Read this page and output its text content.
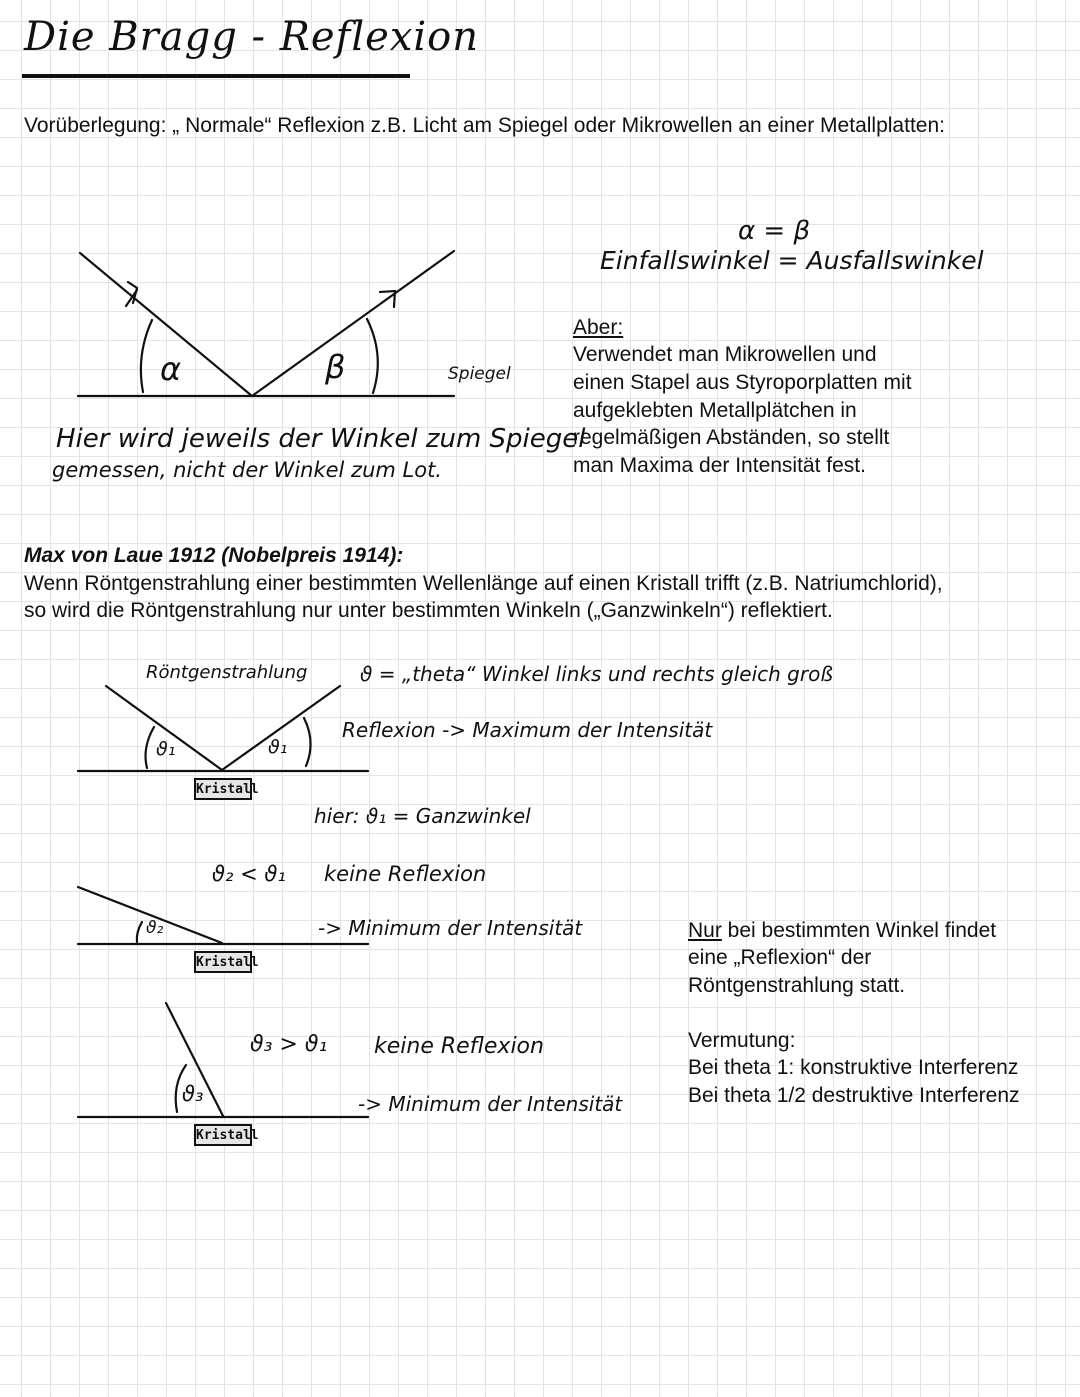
Die Bragg - Reflexion
Vorüberlegung: „ Normale“ Reflexion z.B. Licht am Spiegel oder Mikrowellen an einer Metallplatten:
α	β	Spiegel
α = β
Einfallswinkel = Ausfallswinkel
Hier wird jeweils der Winkel zum Spiegel
gemessen, nicht der Winkel zum Lot.
Aber:
Verwendet man Mikrowellen und
einen Stapel aus Styroporplatten mit
aufgeklebten Metallplätchen in
regelmäßigen Abständen, so stellt
man Maxima der Intensität fest.
Max von Laue 1912 (Nobelpreis 1914):
Wenn Röntgenstrahlung einer bestimmten Wellenlänge auf einen Kristall trifft (z.B. Natriumchlorid),
so wird die Röntgenstrahlung nur unter bestimmten Winkeln („Ganzwinkeln“) reflektiert.
Röntgenstrahlung
ϑ₁	ϑ₁
Kristall
ϑ = „theta“ Winkel links und rechts gleich groß
Reflexion -> Maximum der Intensität
hier: ϑ₁ = Ganzwinkel
ϑ₂ < ϑ₁ keine Reflexion
ϑ₂
Kristall
-> Minimum der Intensität
ϑ₃ > ϑ₁ keine Reflexion
ϑ₃
Kristall
-> Minimum der Intensität
Nur bei bestimmten Winkel findet
eine „Reflexion“ der
Röntgenstrahlung statt.
Vermutung:
Bei theta 1: konstruktive Interferenz
Bei theta 1/2 destruktive Interferenz
